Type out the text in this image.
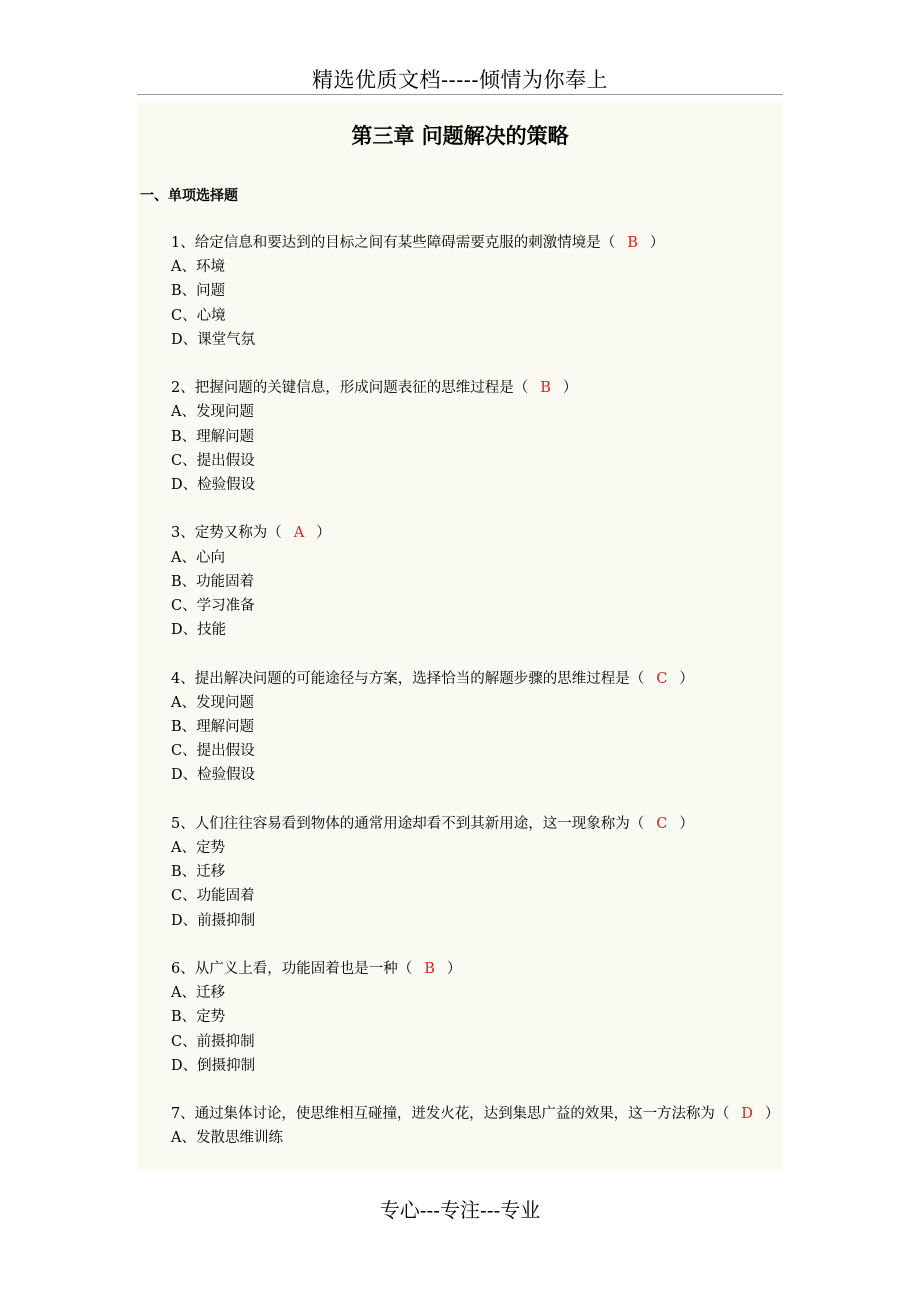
精选优质文档-----倾情为你奉上
第三章 问题解决的策略
一、单项选择题
1、给定信息和要达到的目标之间有某些障碍需要克服的刺激情境是（ B ）
A、环境
B、问题
C、心境
D、课堂气氛
2、把握问题的关键信息，形成问题表征的思维过程是（ B ）
A、发现问题
B、理解问题
C、提出假设
D、检验假设
3、定势又称为（ A ）
A、心向
B、功能固着
C、学习准备
D、技能
4、提出解决问题的可能途径与方案，选择恰当的解题步骤的思维过程是（ C ）
A、发现问题
B、理解问题
C、提出假设
D、检验假设
5、人们往往容易看到物体的通常用途却看不到其新用途，这一现象称为（ C ）
A、定势
B、迁移
C、功能固着
D、前摄抑制
6、从广义上看，功能固着也是一种（ B ）
A、迁移
B、定势
C、前摄抑制
D、倒摄抑制
7、通过集体讨论，使思维相互碰撞，迸发火花，达到集思广益的效果，这一方法称为（ D ）
A、发散思维训练
专心---专注---专业
